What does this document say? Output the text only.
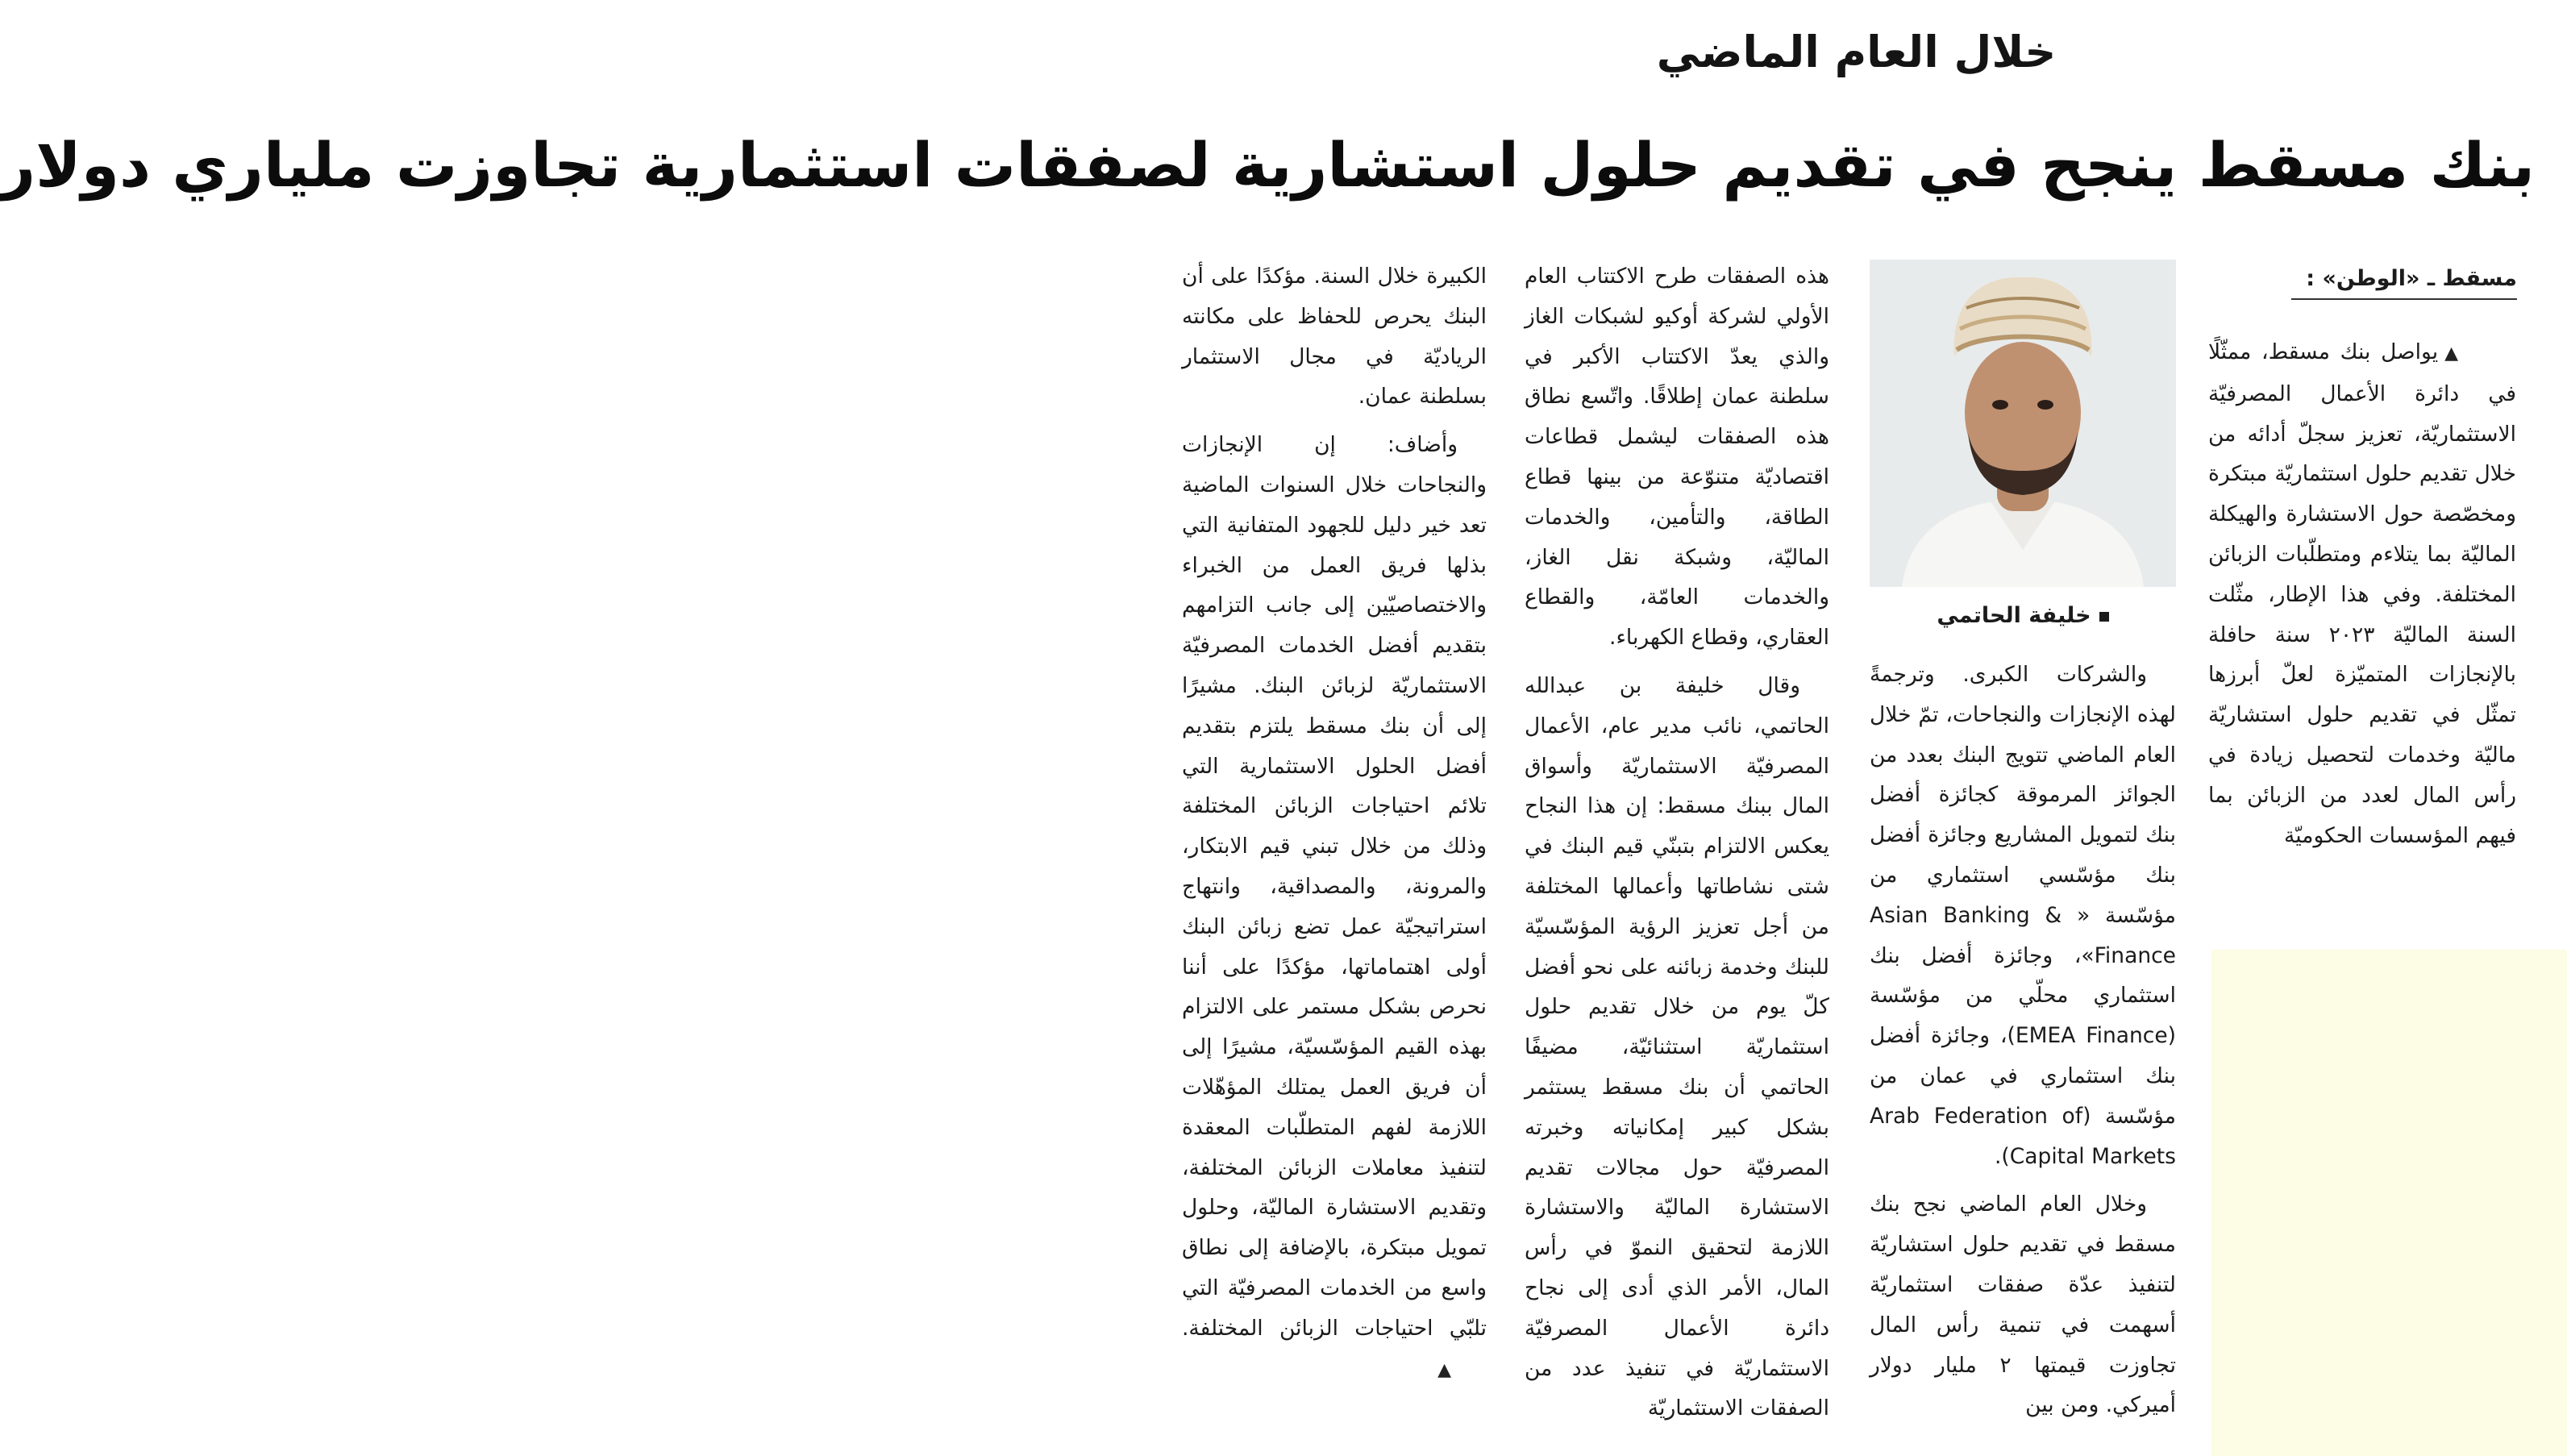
خلال العام الماضي
بنك مسقط ينجح في تقديم حلول استشارية لصفقات استثمارية تجاوزت ملياري دولار
مسقط ـ «الوطن» :

▲يواصل بنك مسقط، ممثّلًا في دائرة الأعمال المصرفيّة الاستثماريّة، تعزيز سجلّ أدائه من خلال تقديم حلول استثماريّة مبتكرة ومخصّصة حول الاستشارة والهيكلة الماليّة بما يتلاءم ومتطلّبات الزبائن المختلفة. وفي هذا الإطار، مثّلت السنة الماليّة ٢٠٢٣ سنة حافلة بالإنجازات المتميّزة لعلّ أبرزها تمثّل في تقديم حلول استشاريّة ماليّة وخدمات لتحصيل زيادة في رأس المال لعدد من الزبائن بما فيهم المؤسسات الحكوميّة

خليفة الحاتمي

والشركات الكبرى. وترجمةً لهذه الإنجازات والنجاحات، تمّ خلال العام الماضي تتويج البنك بعدد من الجوائز المرموقة كجائزة أفضل بنك لتمويل المشاريع وجائزة أفضل بنك مؤسّسي استثماري من مؤسّسة « Asian Banking & Finance»، وجائزة أفضل بنك استثماري محلّي من مؤسّسة (EMEA Finance)، وجائزة أفضل بنك استثماري في عمان من مؤسّسة (Arab Federation of Capital Markets).

وخلال العام الماضي نجح بنك مسقط في تقديم حلول استشاريّة لتنفيذ عدّة صفقات استثماريّة أسهمت في تنمية رأس المال تجاوزت قيمتها ٢ مليار دولار أميركي. ومن بين

هذه الصفقات طرح الاكتتاب العام الأولي لشركة أوكيو لشبكات الغاز والذي يعدّ الاكتتاب الأكبر في سلطنة عمان إطلاقًا. واتّسع نطاق هذه الصفقات ليشمل قطاعات اقتصاديّة متنوّعة من بينها قطاع الطاقة، والتأمين، والخدمات الماليّة، وشبكة نقل الغاز، والخدمات العامّة، والقطاع العقاري، وقطاع الكهرباء.

وقال خليفة بن عبدالله الحاتمي، نائب مدير عام، الأعمال المصرفيّة الاستثماريّة وأسواق المال ببنك مسقط: إن هذا النجاح يعكس الالتزام بتبنّي قيم البنك في شتى نشاطاتها وأعمالها المختلفة من أجل تعزيز الرؤية المؤسّسيّة للبنك وخدمة زبائنه على نحو أفضل كلّ يوم من خلال تقديم حلول استثماريّة استثنائيّة، مضيفًا الحاتمي أن بنك مسقط يستثمر بشكل كبير إمكانياته وخبرته المصرفيّة حول مجالات تقديم الاستشارة الماليّة والاستشارة اللازمة لتحقيق النموّ في رأس المال، الأمر الذي أدى إلى نجاح دائرة الأعمال المصرفيّة الاستثماريّة في تنفيذ عدد من الصفقات الاستثماريّة

الكبيرة خلال السنة. مؤكدًا على أن البنك يحرص للحفاظ على مكانته الرياديّة في مجال الاستثمار بسلطنة عمان.

وأضاف: إن الإنجازات والنجاحات خلال السنوات الماضية تعد خير دليل للجهود المتفانية التي بذلها فريق العمل من الخبراء والاختصاصيّين إلى جانب التزامهم بتقديم أفضل الخدمات المصرفيّة الاستثماريّة لزبائن البنك. مشيرًا إلى أن بنك مسقط يلتزم بتقديم أفضل الحلول الاستثمارية التي تلائم احتياجات الزبائن المختلفة وذلك من خلال تبني قيم الابتكار، والمرونة، والمصداقية، وانتهاج استراتيجيّة عمل تضع زبائن البنك أولى اهتماماتها، مؤكدًا على أننا نحرص بشكل مستمر على الالتزام بهذه القيم المؤسّسيّة، مشيرًا إلى أن فريق العمل يمتلك المؤهّلات اللازمة لفهم المتطلّبات المعقدة لتنفيذ معاملات الزبائن المختلفة، وتقديم الاستشارة الماليّة، وحلول تمويل مبتكرة، بالإضافة إلى نطاق واسع من الخدمات المصرفيّة التي تلبّي احتياجات الزبائن المختلفة.▲
